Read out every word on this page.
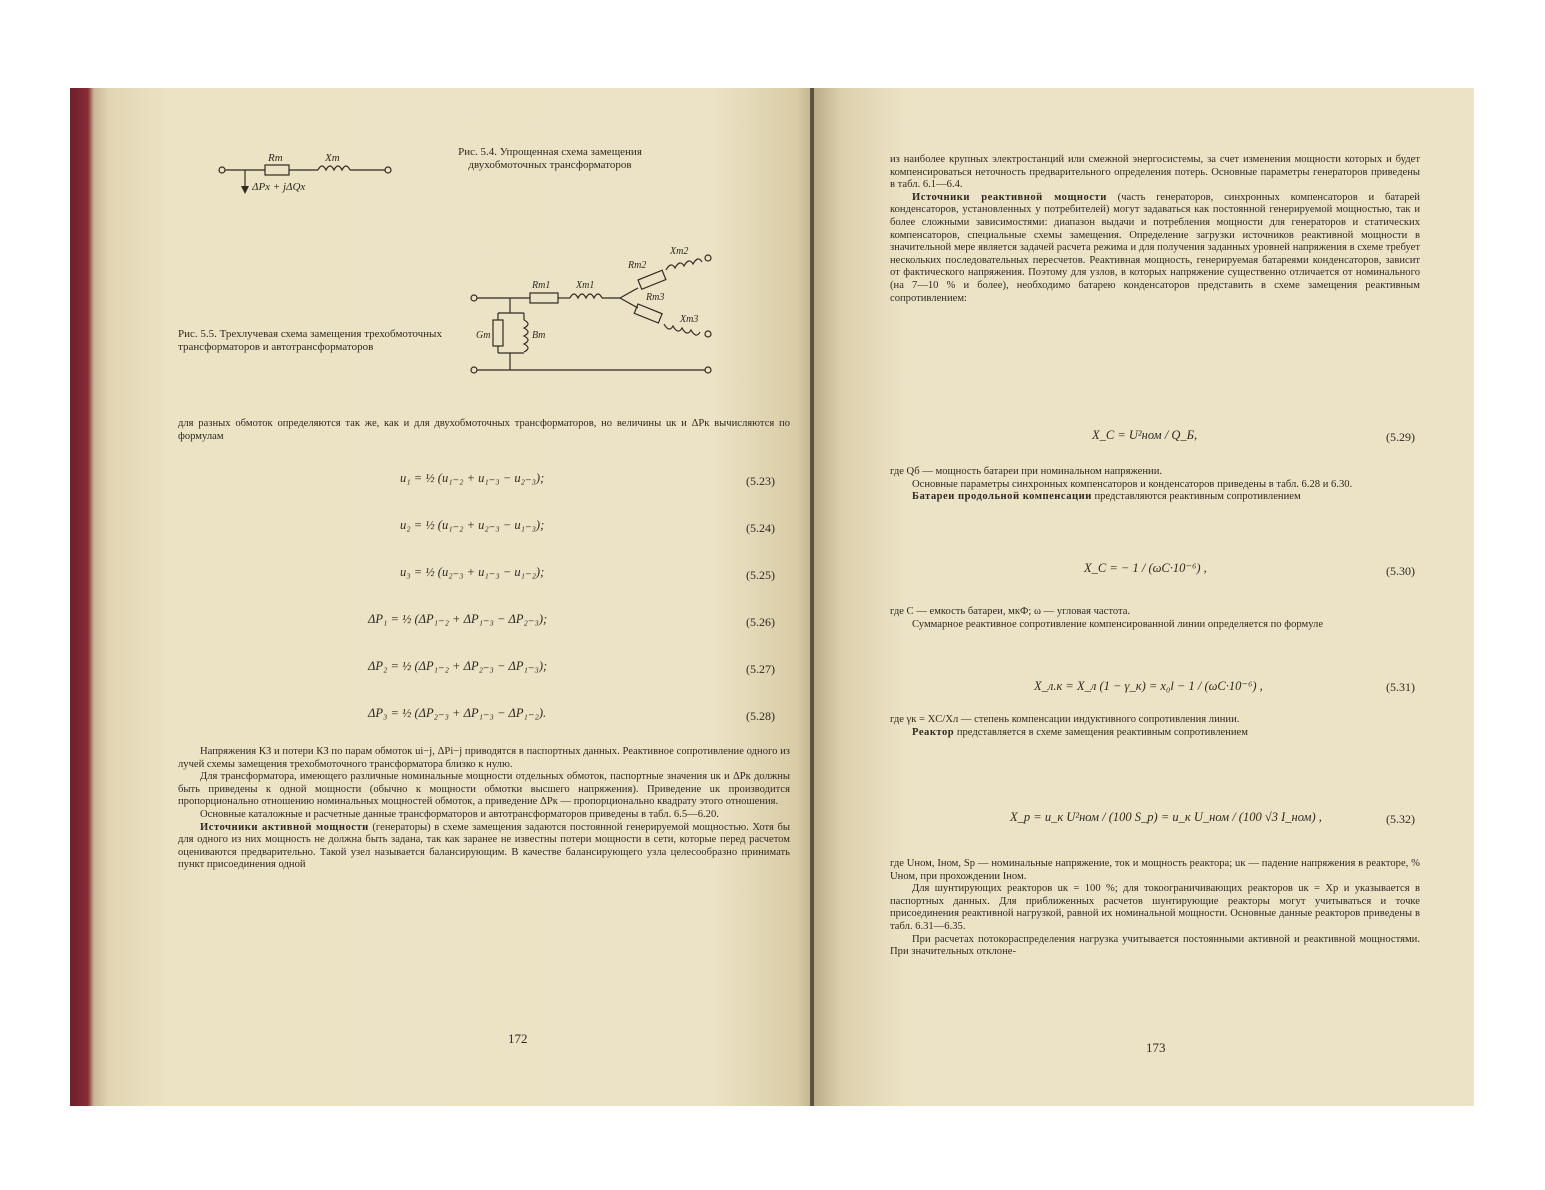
Rт	Xт
ΔPх + jΔQх
Рис. 5.4. Упрощенная схема замещения двухобмоточных трансформаторов
Gт	Bт
Rт1	Xт1
Rт2
Xт2
Rт3
Xт3
Рис. 5.5. Трехлучевая схема замещения трехобмоточных трансформаторов и автотрансформаторов
для разных обмоток определяются так же, как и для двухобмоточных трансформаторов, но величины uк и ΔPк вычисляются по формулам
u₁ = ½ (u₁₋₂ + u₁₋₃ − u₂₋₃);	(5.23)
u₂ = ½ (u₁₋₂ + u₂₋₃ − u₁₋₃);	(5.24)
u₃ = ½ (u₂₋₃ + u₁₋₃ − u₁₋₂);	(5.25)
ΔP₁ = ½ (ΔP₁₋₂ + ΔP₁₋₃ − ΔP₂₋₃);	(5.26)
ΔP₂ = ½ (ΔP₁₋₂ + ΔP₂₋₃ − ΔP₁₋₃);	(5.27)
ΔP₃ = ½ (ΔP₂₋₃ + ΔP₁₋₃ − ΔP₁₋₂).	(5.28)

Напряжения КЗ и потери КЗ по парам обмоток ui−j, ΔPi−j приводятся в паспортных данных. Реактивное сопротивление одного из лучей схемы замещения трехобмоточного трансформатора близко к нулю.

Для трансформатора, имеющего различные номинальные мощности отдельных обмоток, паспортные значения uк и ΔPк должны быть приведены к одной мощности (обычно к мощности обмотки высшего напряжения). Приведение uк производится пропорционально отношению номинальных мощностей обмоток, а приведение ΔPк — пропорционально квадрату этого отношения.

Основные каталожные и расчетные данные трансформаторов и автотрансформаторов приведены в табл. 6.5—6.20.

Источники активной мощности (генераторы) в схеме замещения задаются постоянной генерируемой мощностью. Хотя бы для одного из них мощность не должна быть задана, так как заранее не известны потери мощности в сети, которые перед расчетом оцениваются предварительно. Такой узел называется балансирующим. В качестве балансирующего узла целесообразно принимать пункт присоединения одной

172

из наиболее крупных электростанций или смежной энергосистемы, за счет изменения мощности которых и будет компенсироваться неточность предварительного определения потерь. Основные параметры генераторов приведены в табл. 6.1—6.4.

Источники реактивной мощности (часть генераторов, синхронных компенсаторов и батарей конденсаторов, установленных у потребителей) могут задаваться как постоянной генерируемой мощностью, так и более сложными зависимостями: диапазон выдачи и потребления мощности для генераторов и статических компенсаторов, специальные схемы замещения. Определение загрузки источников реактивной мощности в значительной мере является задачей расчета режима и для получения заданных уровней напряжения в схеме требует нескольких последовательных пересчетов. Реактивная мощность, генерируемая батареями конденсаторов, зависит от фактического напряжения. Поэтому для узлов, в которых напряжение существенно отличается от номинального (на 7—10 % и более), необходимо батарею конденсаторов представить в схеме замещения реактивным сопротивлением:

X_C = U²ном / Q_Б,	(5.29)

где Qб — мощность батареи при номинальном напряжении.

Основные параметры синхронных компенсаторов и конденсаторов приведены в табл. 6.28 и 6.30.

Батареи продольной компенсации представляются реактивным сопротивлением

X_C = − 1 / (ωC·10⁻⁶) ,	(5.30)

где C — емкость батареи, мкФ; ω — угловая частота.

Суммарное реактивное сопротивление компенсированной линии определяется по формуле

X_л.к = X_л (1 − γ_к) = x₀l − 1 / (ωC·10⁻⁶) ,	(5.31)

где γк = XC/Xл — степень компенсации индуктивного сопротивления линии.

Реактор представляется в схеме замещения реактивным сопротивлением

X_р = u_к U²ном / (100 S_р) = u_к U_ном / (100 √3 I_ном) ,	(5.32)

где Uном, Iном, Sр — номинальные напряжение, ток и мощность реактора; uк — падение напряжения в реакторе, % Uном, при прохождении Iном.

Для шунтирующих реакторов uк = 100 %; для токоограничивающих реакторов uк = Xр и указывается в паспортных данных. Для приближенных расчетов шунтирующие реакторы могут учитываться и точке присоединения реактивной нагрузкой, равной их номинальной мощности. Основные данные реакторов приведены в табл. 6.31—6.35.

При расчетах потокораспределения нагрузка учитывается постоянными активной и реактивной мощностями. При значительных отклоне-

173
